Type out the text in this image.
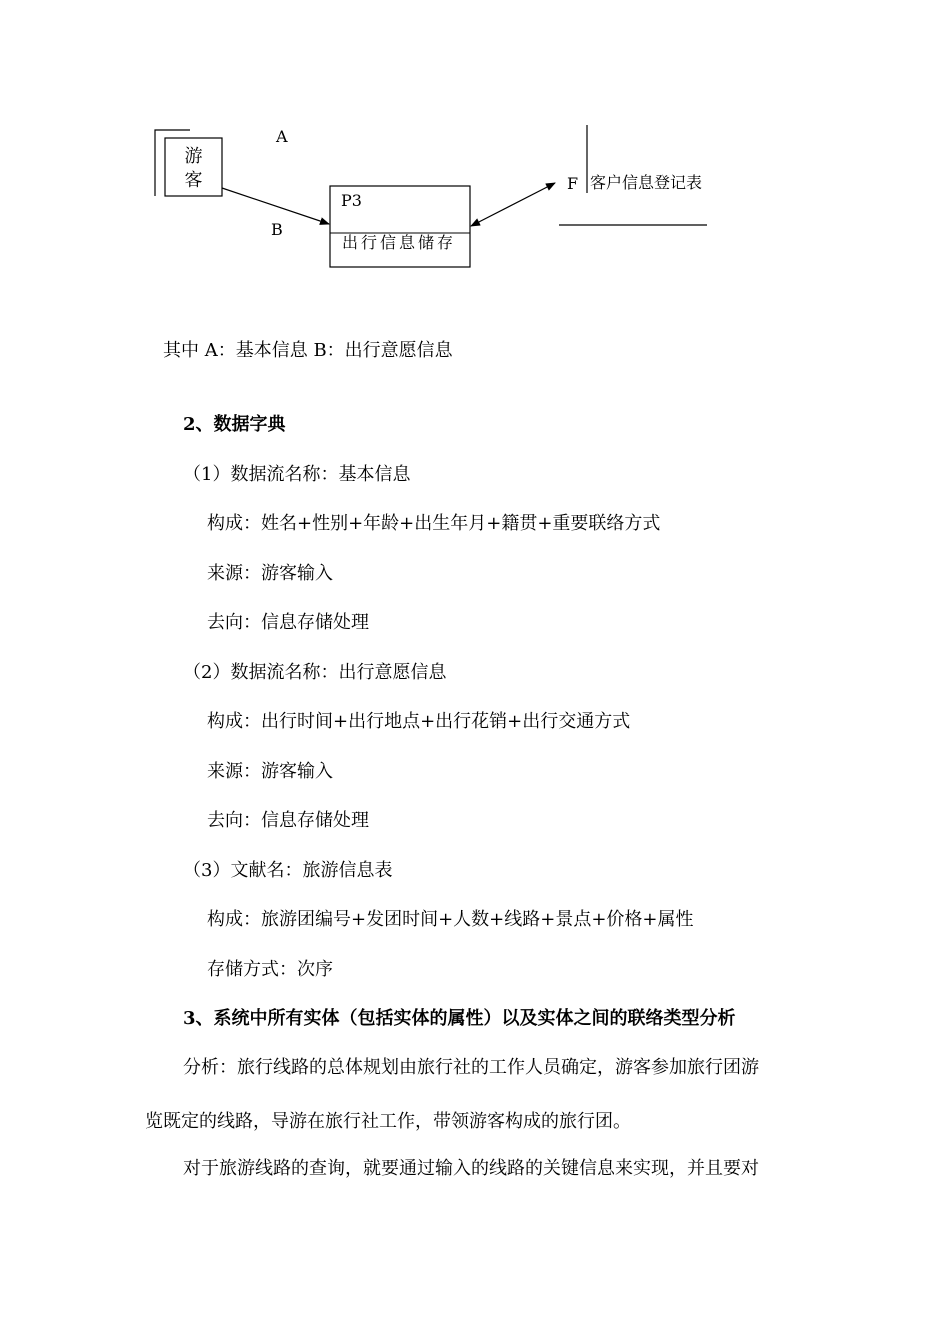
游客
A
B
P3
出行信息储存
F 客户信息登记表
其中 A：基本信息 B：出行意愿信息
2、数据字典
（1）数据流名称：基本信息
构成：姓名+性别+年龄+出生年月+籍贯+重要联络方式
来源：游客输入
去向：信息存储处理
（2）数据流名称：出行意愿信息
构成：出行时间+出行地点+出行花销+出行交通方式
来源：游客输入
去向：信息存储处理
（3）文献名：旅游信息表
构成：旅游团编号+发团时间+人数+线路+景点+价格+属性
存储方式：次序
3、系统中所有实体（包括实体的属性）以及实体之间的联络类型分析
分析：旅行线路的总体规划由旅行社的工作人员确定，游客参加旅行团游
览既定的线路，导游在旅行社工作，带领游客构成的旅行团。
对于旅游线路的查询，就要通过输入的线路的关键信息来实现，并且要对
